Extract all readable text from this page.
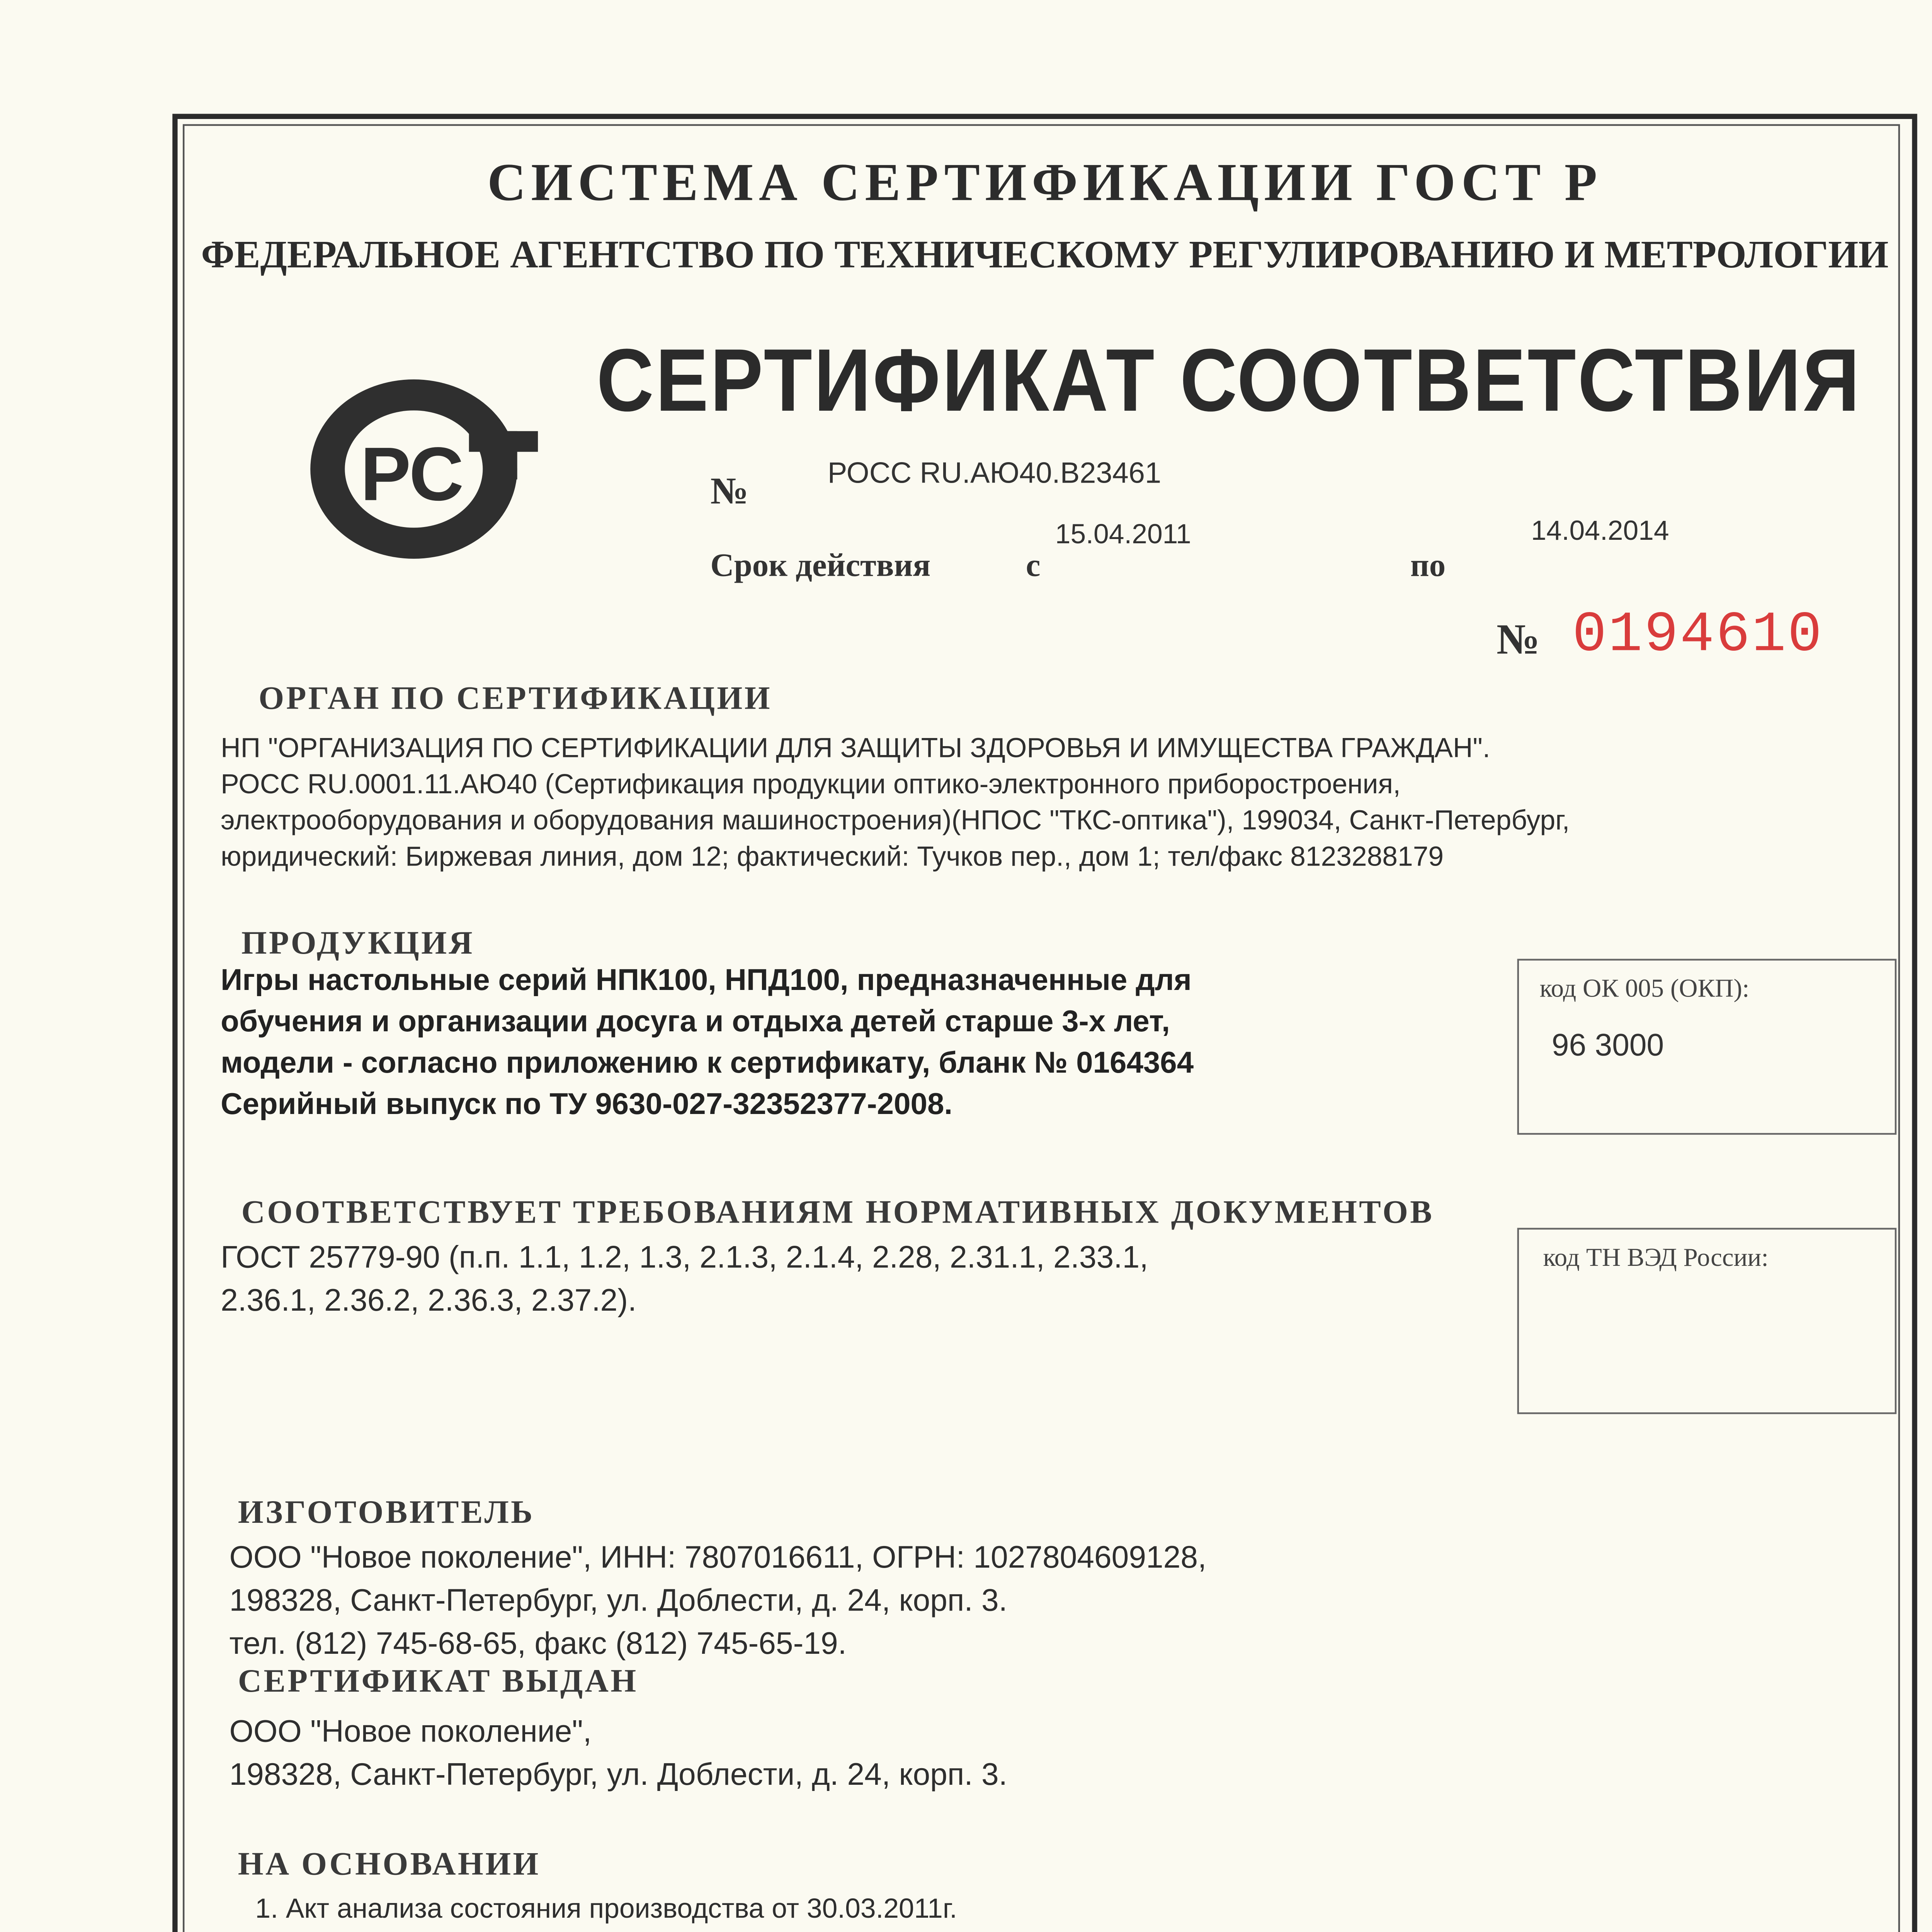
СИСТЕМА СЕРТИФИКАЦИИ ГОСТ Р
ФЕДЕРАЛЬНОЕ АГЕНТСТВО ПО ТЕХНИЧЕСКОМУ РЕГУЛИРОВАНИЮ И МЕТРОЛОГИИ
РС
СЕРТИФИКАТ СООТВЕТСТВИЯ
№	РОСС RU.АЮ40.В23461
Срок действия	с
15.04.2011
по
14.04.2014
№	0194610
ОРГАН ПО СЕРТИФИКАЦИИ
НП "ОРГАНИЗАЦИЯ ПО СЕРТИФИКАЦИИ ДЛЯ ЗАЩИТЫ ЗДОРОВЬЯ И ИМУЩЕСТВА ГРАЖДАН".
РОСС RU.0001.11.АЮ40 (Сертификация продукции оптико-электронного приборостроения,
электрооборудования и оборудования машиностроения)(НПОС "ТКС-оптика"), 199034, Санкт-Петербург,
юридический: Биржевая линия, дом 12; фактический: Тучков пер., дом 1; тел/факс 8123288179
ПРОДУКЦИЯ
Игры настольные серий НПК100, НПД100, предназначенные для
обучения и организации досуга и отдыха детей старше 3-х лет,
модели - согласно приложению к сертификату, бланк № 0164364
Серийный выпуск по ТУ 9630-027-32352377-2008.
код ОК 005 (ОКП):
96 3000
СООТВЕТСТВУЕТ ТРЕБОВАНИЯМ НОРМАТИВНЫХ ДОКУМЕНТОВ
ГОСТ 25779-90 (п.п. 1.1, 1.2, 1.3, 2.1.3, 2.1.4, 2.28, 2.31.1, 2.33.1,
2.36.1, 2.36.2, 2.36.3, 2.37.2).
код ТН ВЭД России:
ИЗГОТОВИТЕЛЬ
ООО "Новое поколение", ИНН: 7807016611, ОГРН: 1027804609128,
198328, Санкт-Петербург, ул. Доблести, д. 24, корп. 3.
тел. (812) 745-68-65, факс (812) 745-65-19.
СЕРТИФИКАТ ВЫДАН
ООО "Новое поколение",
198328, Санкт-Петербург, ул. Доблести, д. 24, корп. 3.
НА ОСНОВАНИИ
1. Акт анализа состояния производства от 30.03.2011г.
